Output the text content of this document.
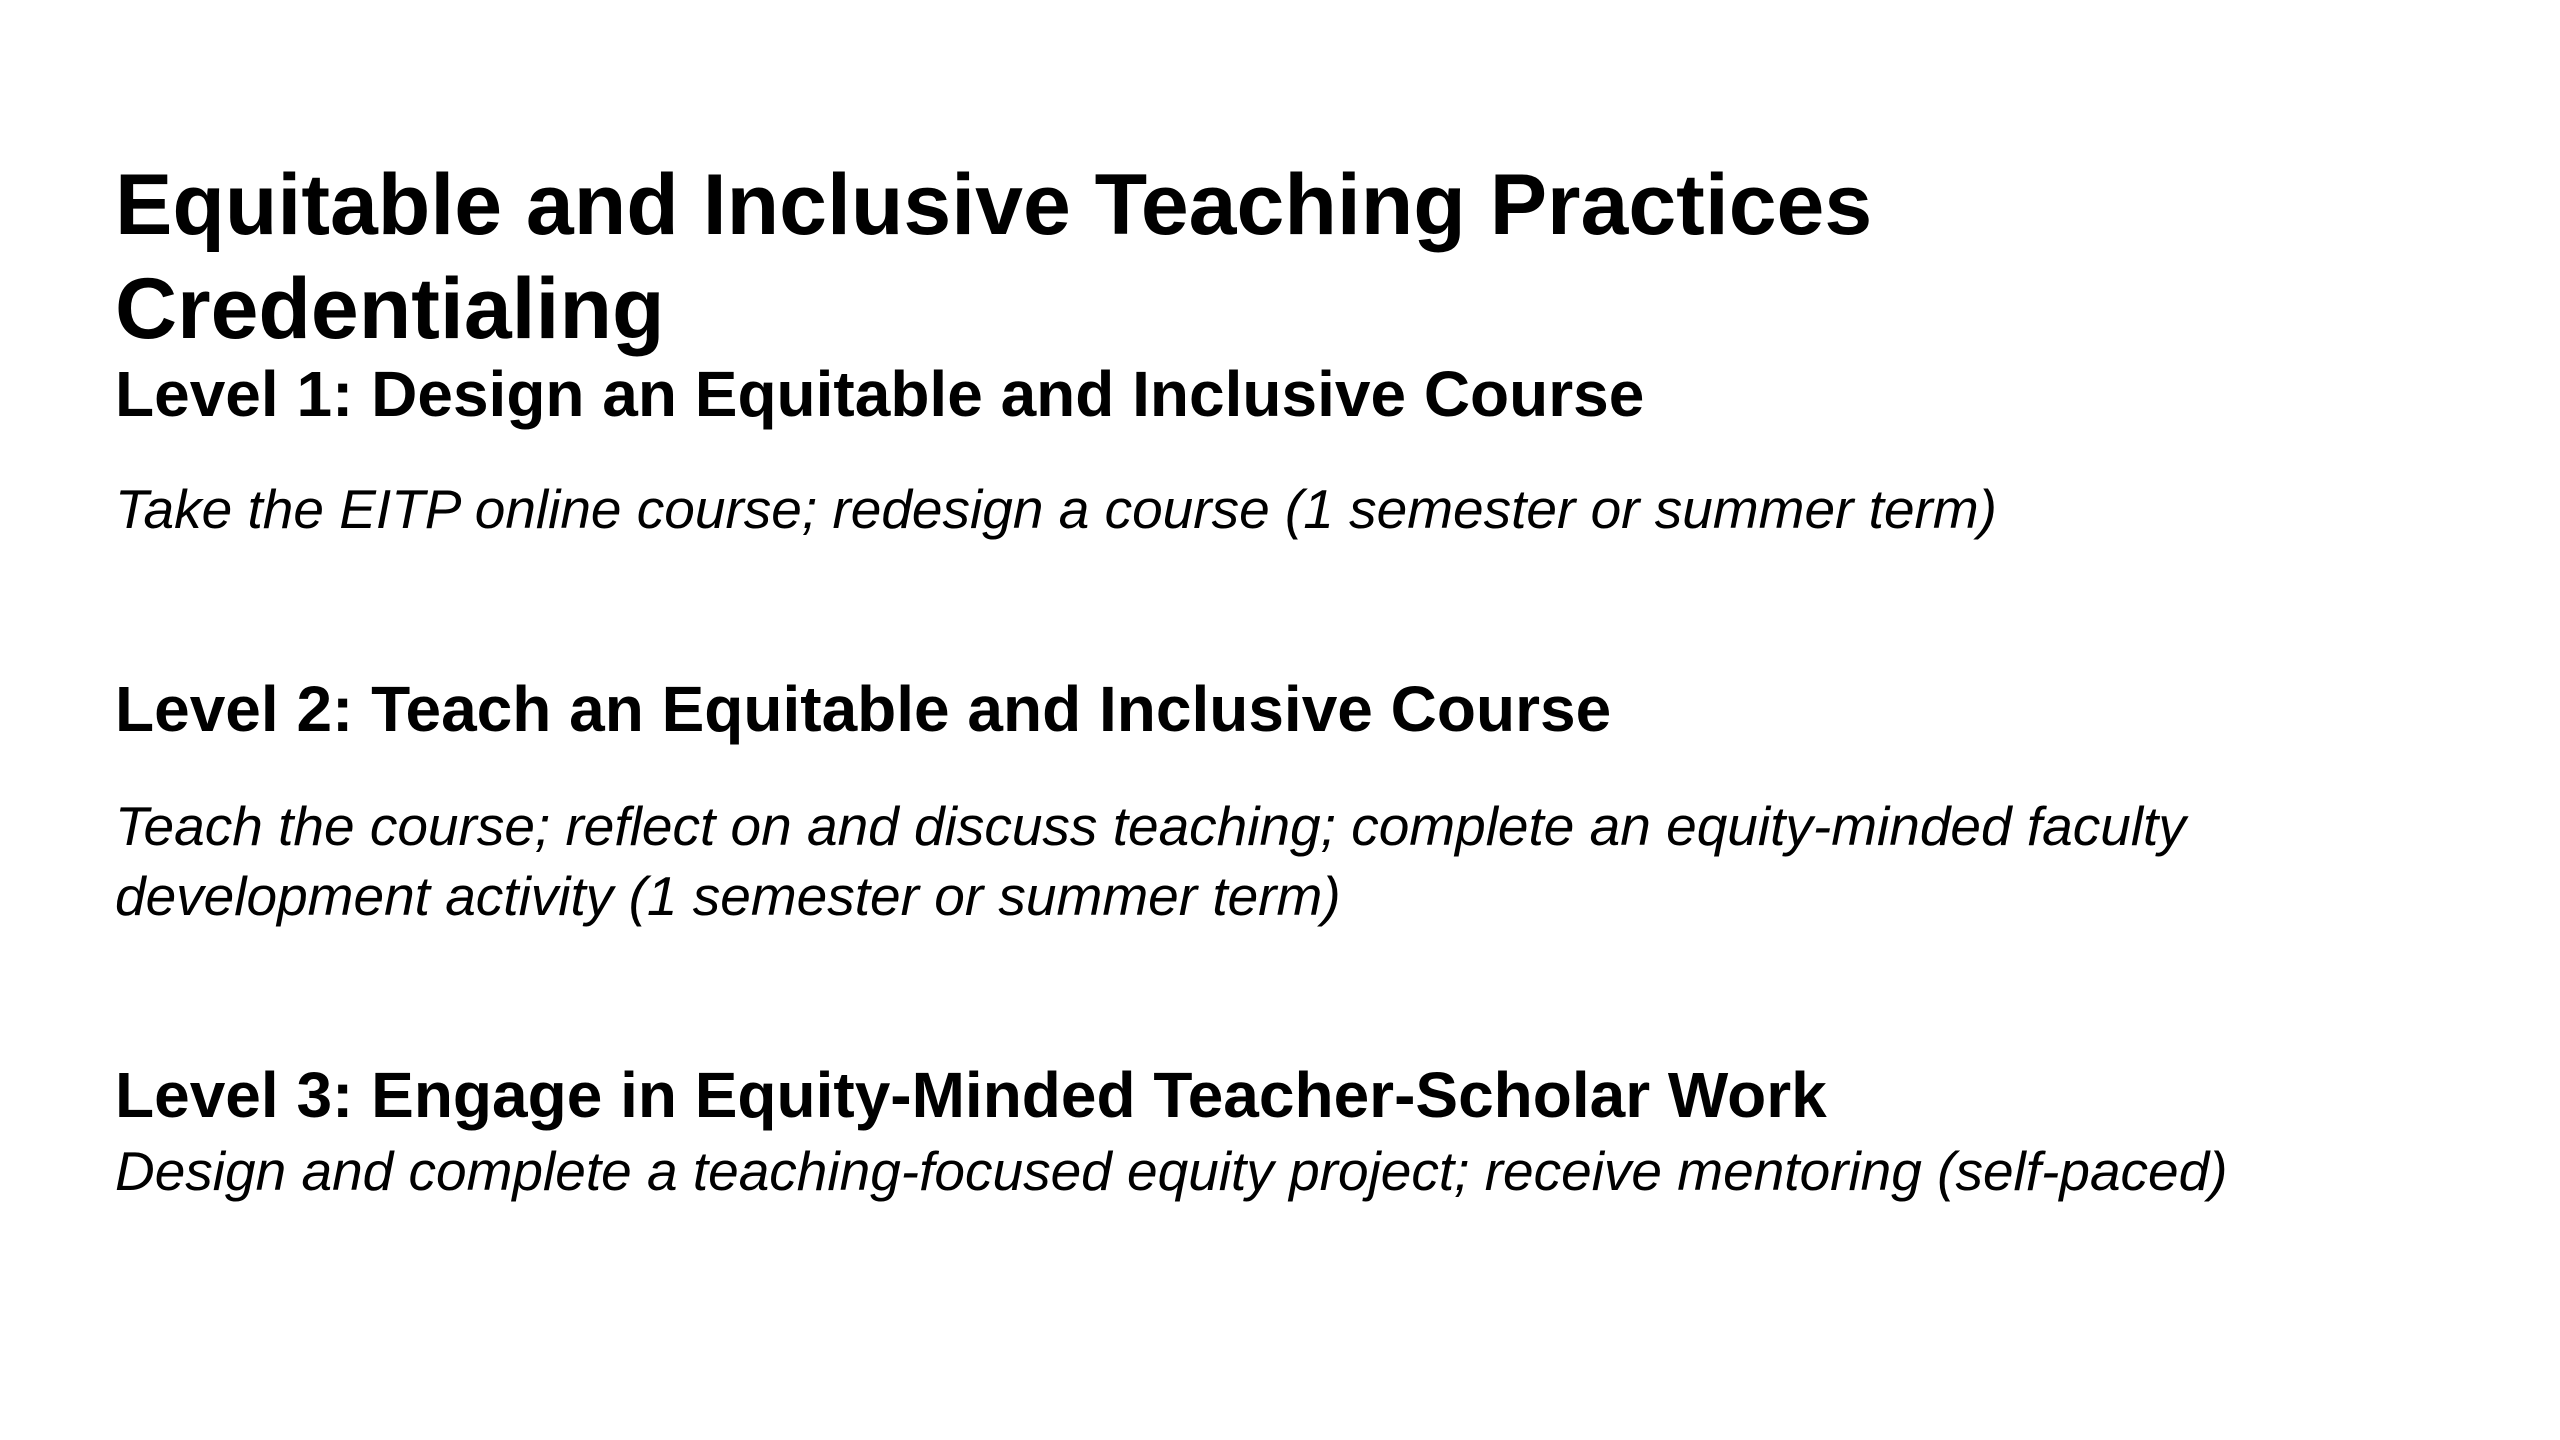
Equitable and Inclusive Teaching Practices Credentialing
Level 1: Design an Equitable and Inclusive Course

Take the EITP online course; redesign a course (1 semester or summer term)

Level 2: Teach an Equitable and Inclusive Course

Teach the course; reflect on and discuss teaching; complete an equity-minded faculty development activity (1 semester or summer term)

Level 3: Engage in Equity-Minded Teacher-Scholar Work

Design and complete a teaching-focused equity project; receive mentoring (self-paced)
